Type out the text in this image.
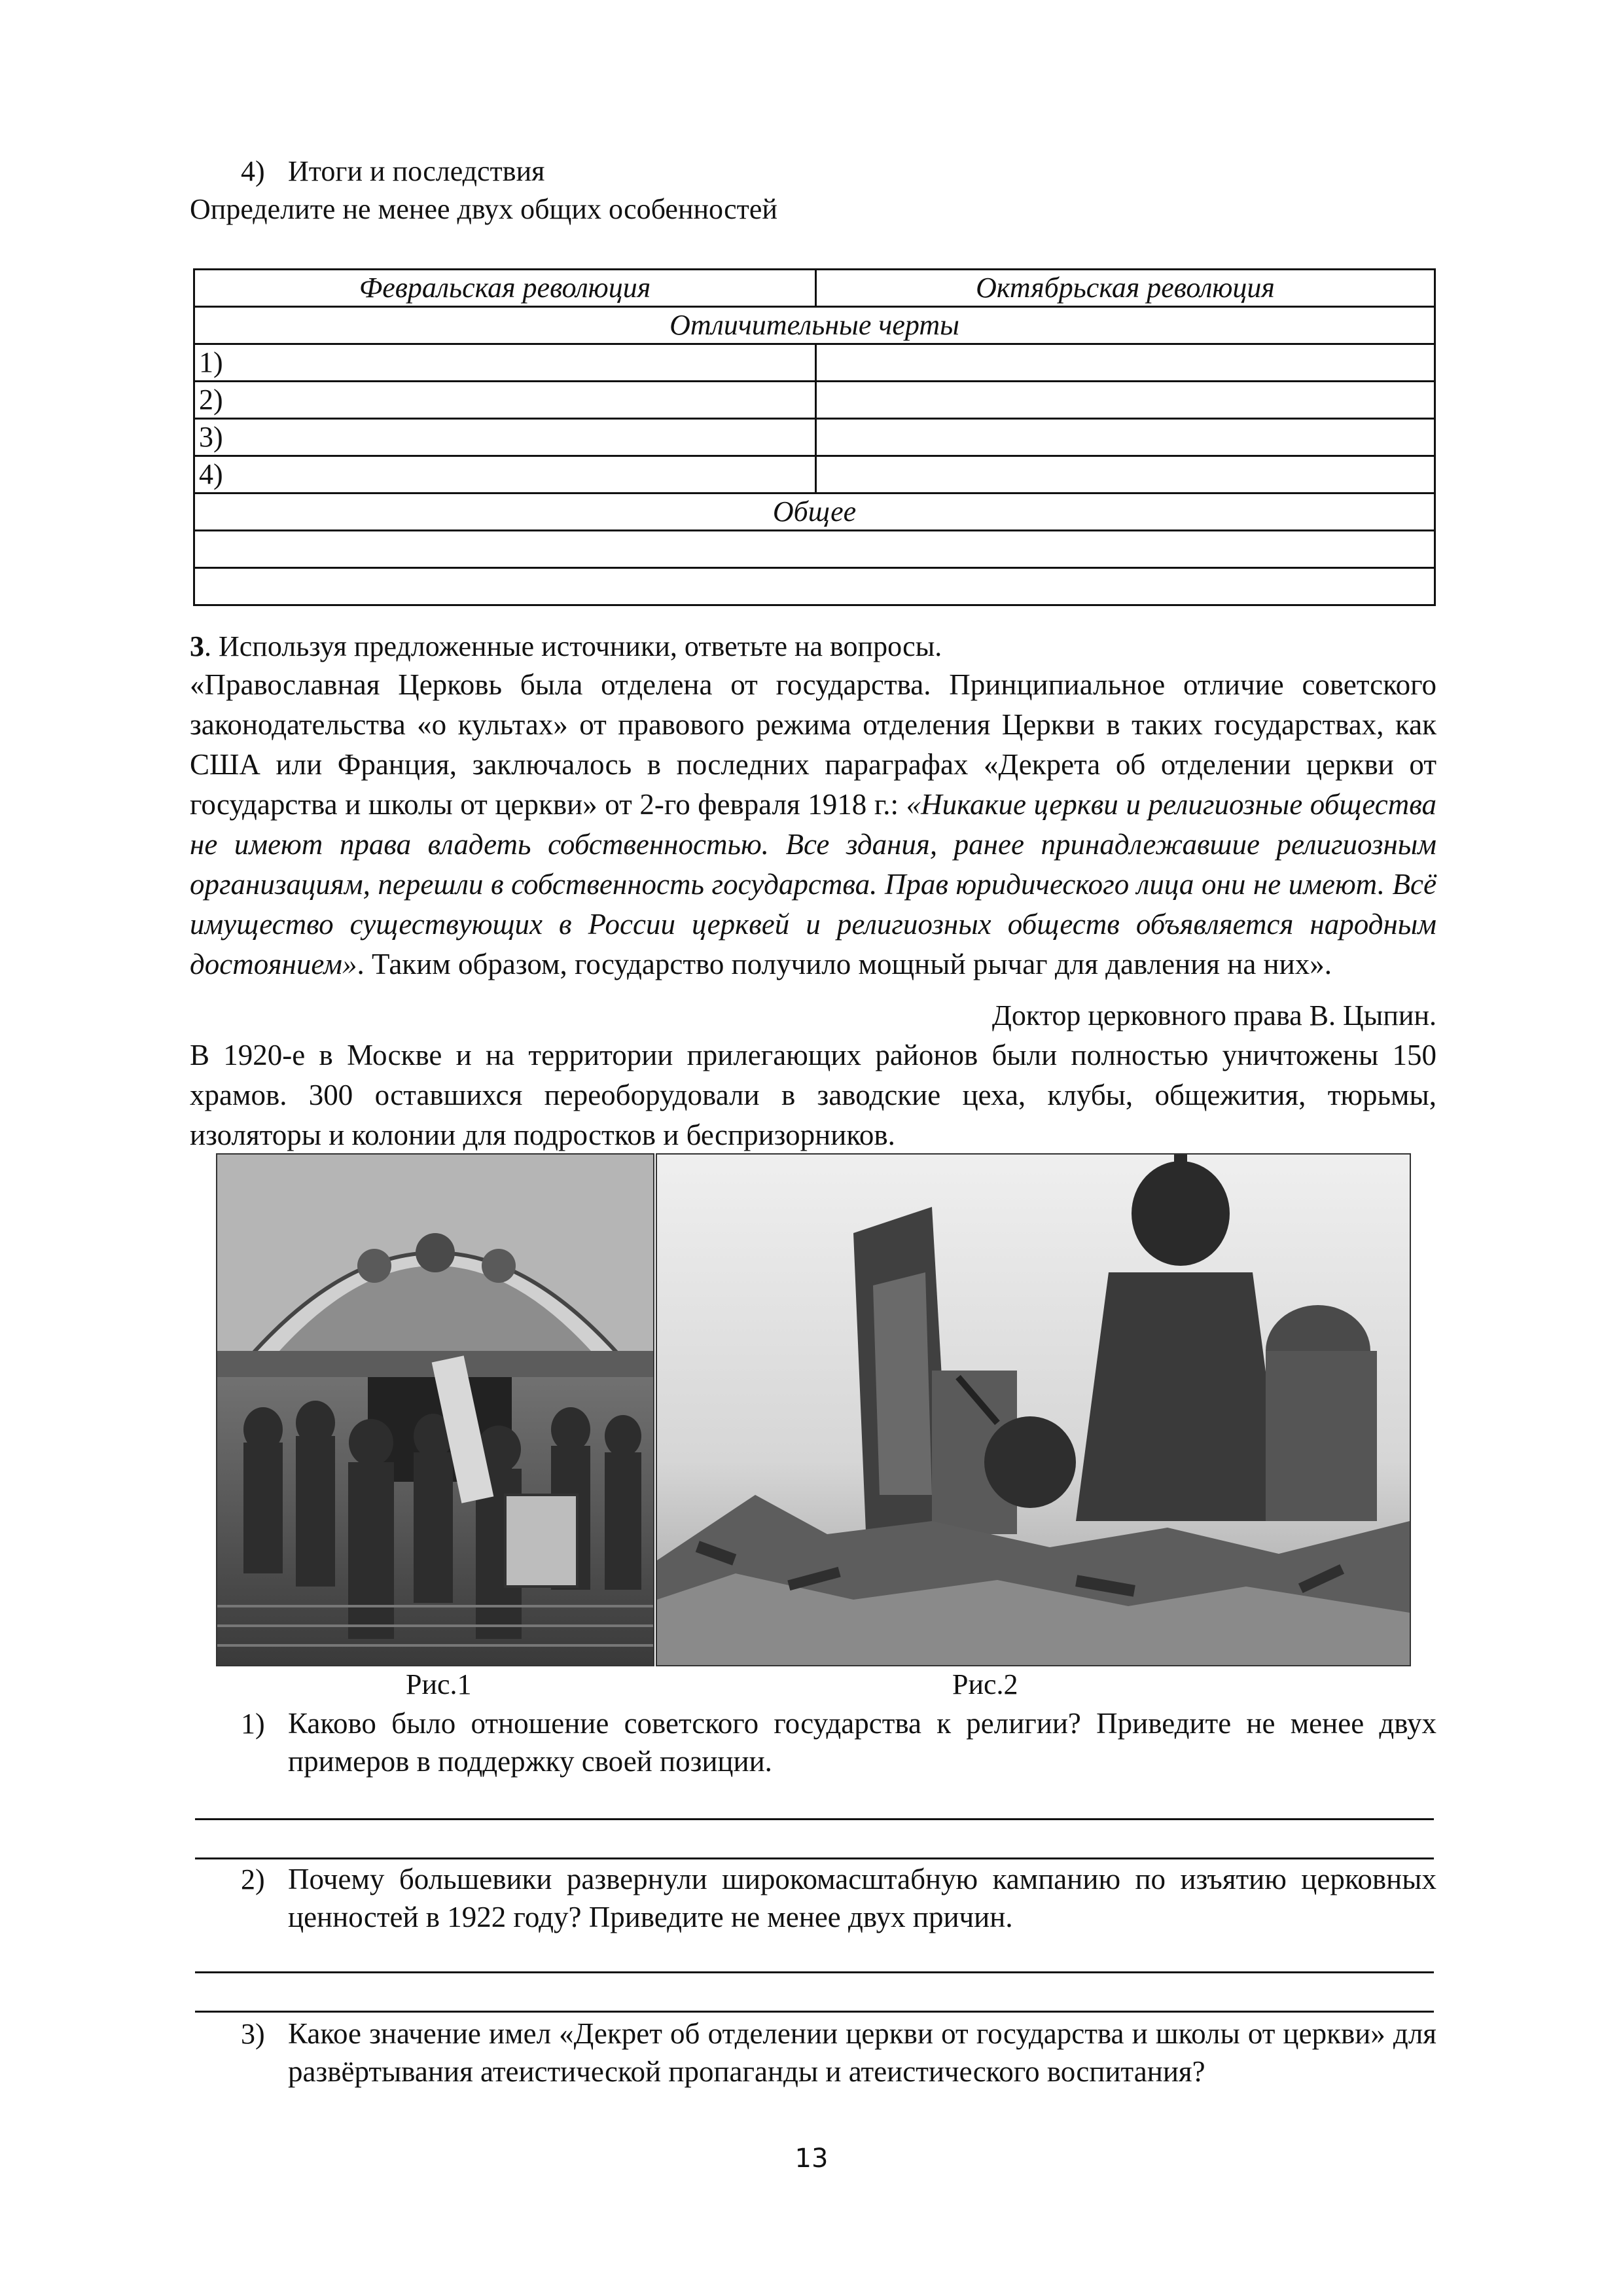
4) Итоги и последствия
Определите не менее двух общих особенностей
Февральская революция	Октябрьская революция
Отличительные черты	
1)	
2)	
3)	
4)	
Общее	

3. Используя предложенные источники, ответьте на вопросы.
«Православная Церковь была отделена от государства. Принципиальное отличие советского законодательства «о культах» от правового режима отделения Церкви в таких государствах, как США или Франция, заключалось в последних параграфах «Декрета об отделении церкви от государства и школы от церкви» от 2-го февраля 1918 г.: «Никакие церкви и религиозные общества не имеют права владеть собственностью. Все здания, ранее принадлежавшие религиозным организациям, перешли в собственность государства. Прав юридического лица они не имеют. Всё имущество существующих в России церквей и религиозных обществ объявляется народным достоянием». Таким образом, государство получило мощный рычаг для давления на них».
Доктор церковного права В. Цыпин.
В 1920-е в Москве и на территории прилегающих районов были полностью уничтожены 150 храмов. 300 оставшихся переоборудовали в заводские цеха, клубы, общежития, тюрьмы, изоляторы и колонии для подростков и беспризорников.
Рис.1	Рис.2
1) Каково было отношение советского государства к религии? Приведите не менее двух примеров в поддержку своей позиции.
2) Почему большевики развернули широкомасштабную кампанию по изъятию церковных ценностей в 1922 году? Приведите не менее двух причин.
3) Какое значение имел «Декрет об отделении церкви от государства и школы от церкви» для развёртывания атеистической пропаганды и атеистического воспитания?
13
